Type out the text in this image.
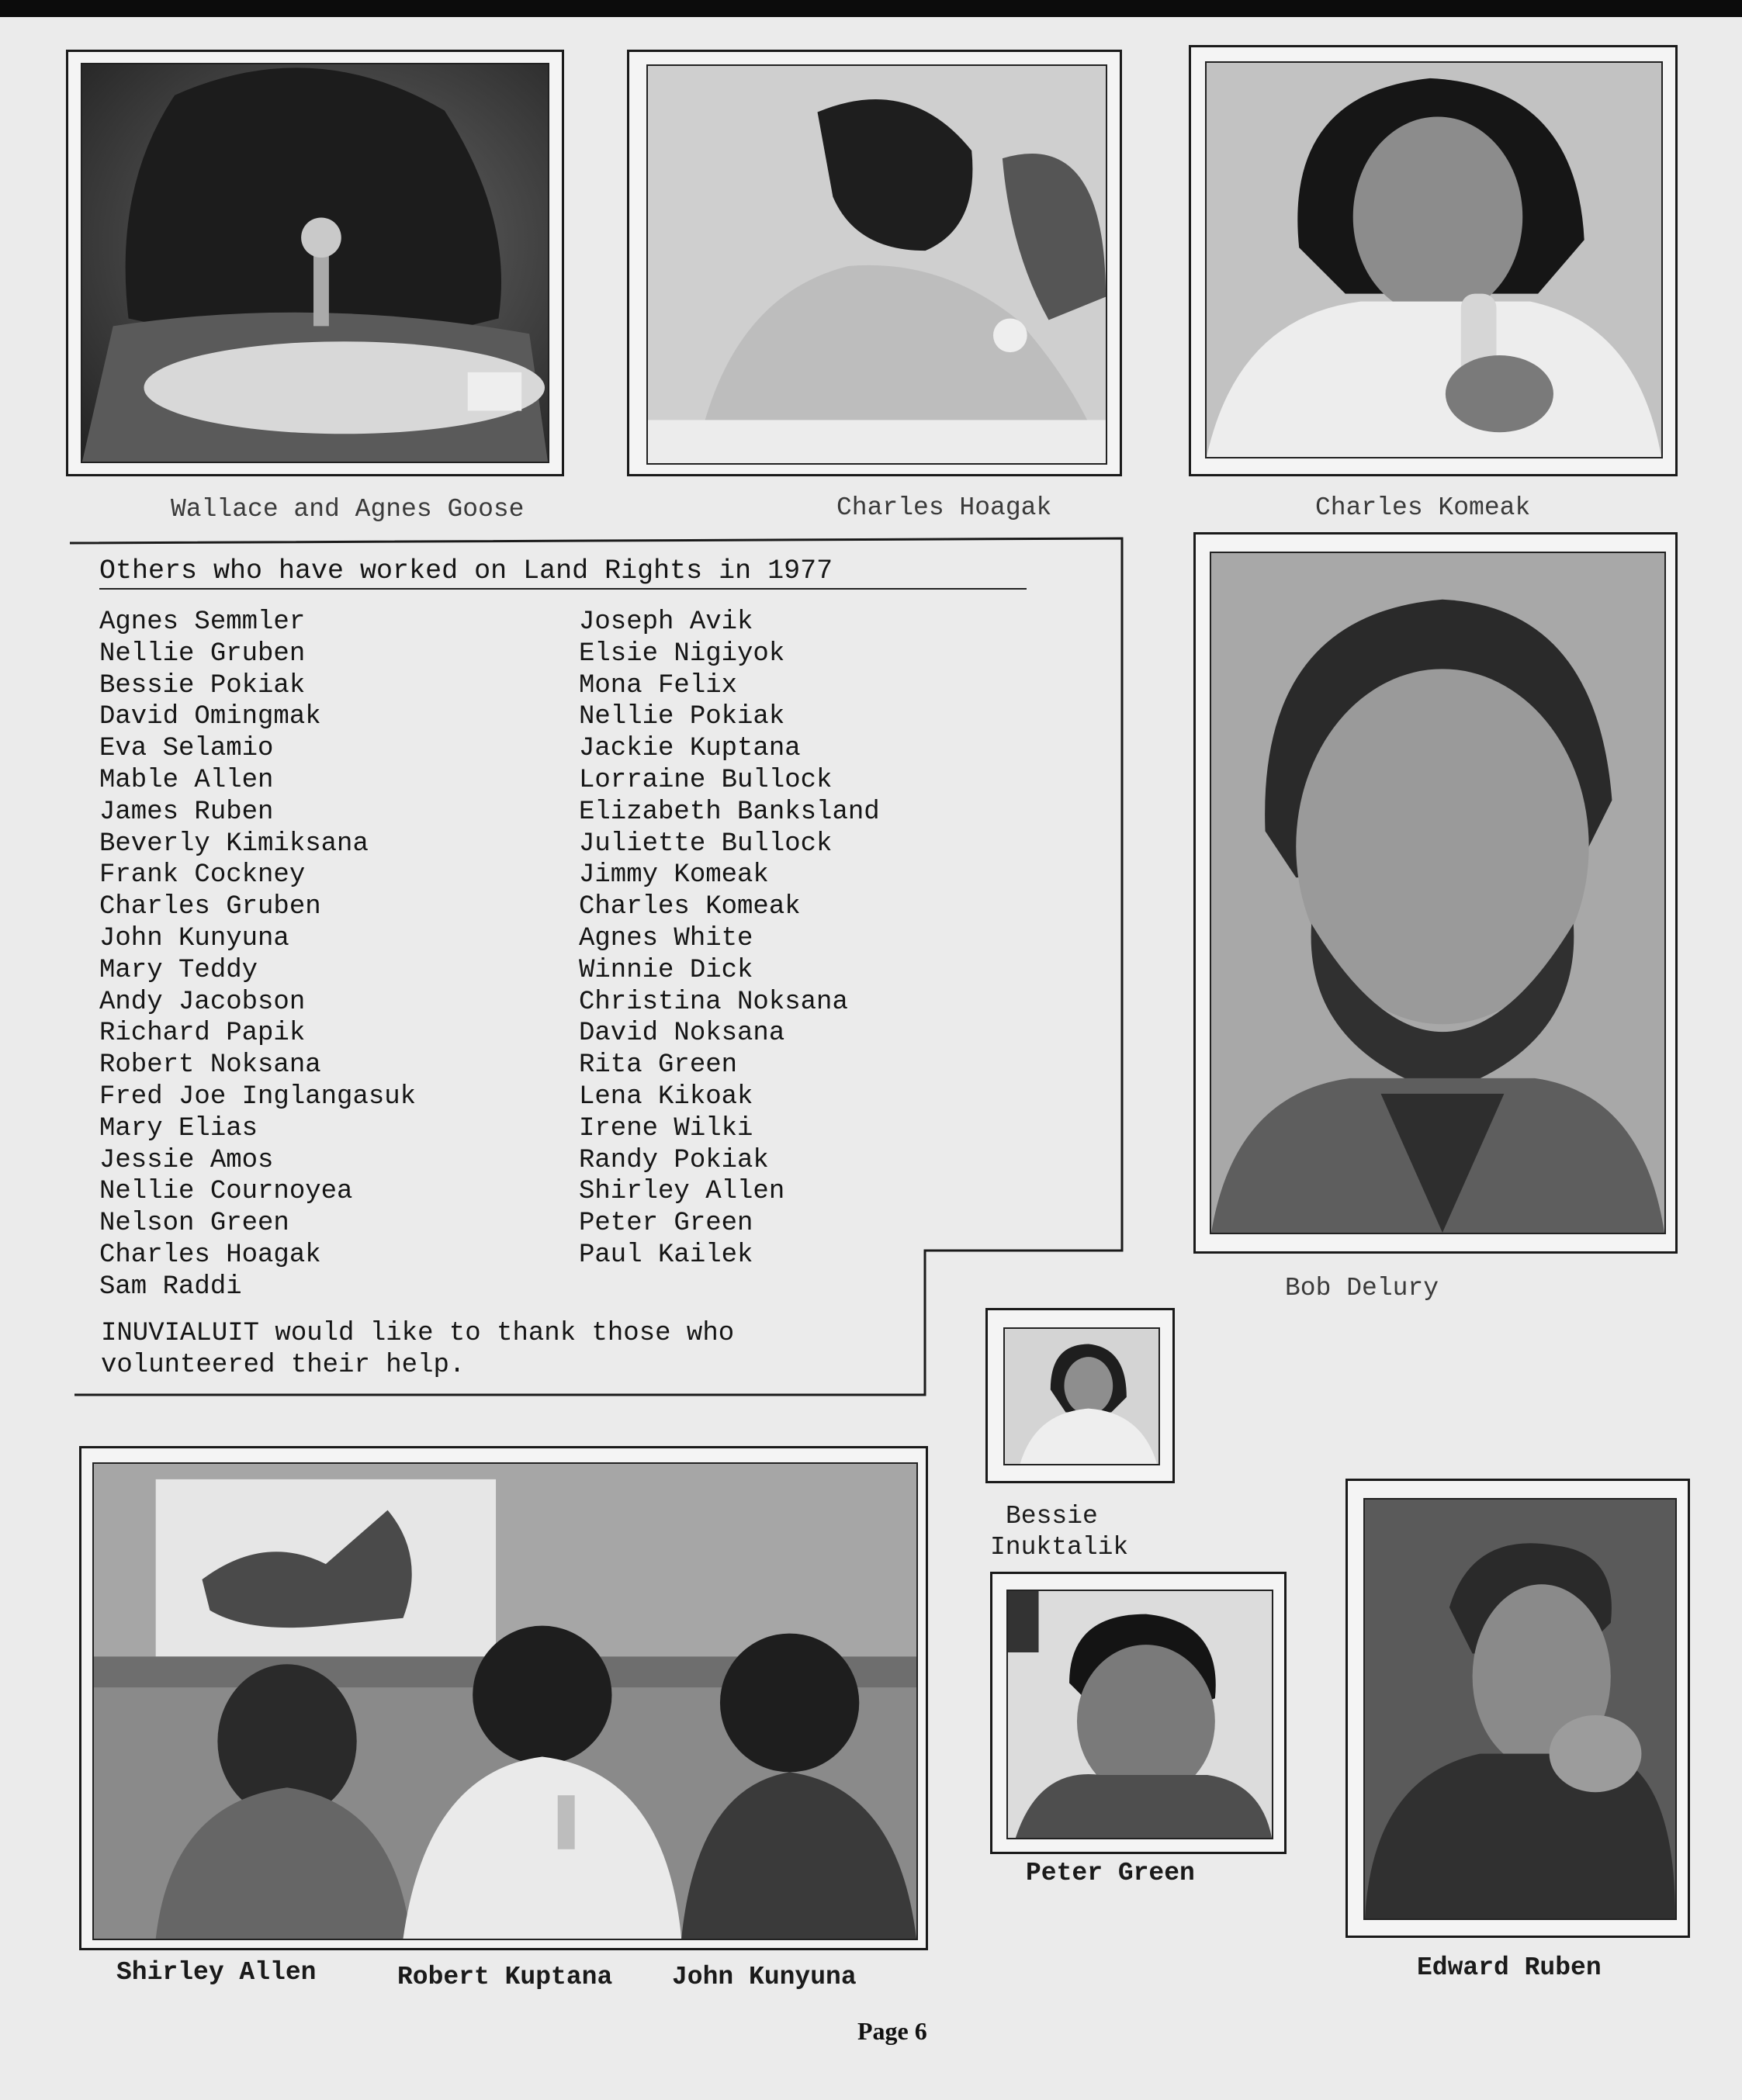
Wallace and Agnes Goose	Charles Hoagak	Charles Komeak
Others who have worked on Land Rights in 1977
Agnes Semmler
Nellie Gruben
Bessie Pokiak
David Omingmak
Eva Selamio
Mable Allen
James Ruben
Beverly Kimiksana
Frank Cockney
Charles Gruben
John Kunyuna
Mary Teddy
Andy Jacobson
Richard Papik
Robert Noksana
Fred Joe Inglangasuk
Mary Elias
Jessie Amos
Nellie Cournoyea
Nelson Green
Charles Hoagak
Sam Raddi
Joseph Avik
Elsie Nigiyok
Mona Felix
Nellie Pokiak
Jackie Kuptana
Lorraine Bullock
Elizabeth Banksland
Juliette Bullock
Jimmy Komeak
Charles Komeak
Agnes White
Winnie Dick
Christina Noksana
David Noksana
Rita Green
Lena Kikoak
Irene Wilki
Randy Pokiak
Shirley Allen
Peter Green
Paul Kailek
INUVIALUIT would like to thank those who
volunteered their help.
Bob Delury
Bessie
Inuktalik
Shirley Allen	Robert Kuptana John Kunyuna
Peter Green
Edward Ruben
Page 6
